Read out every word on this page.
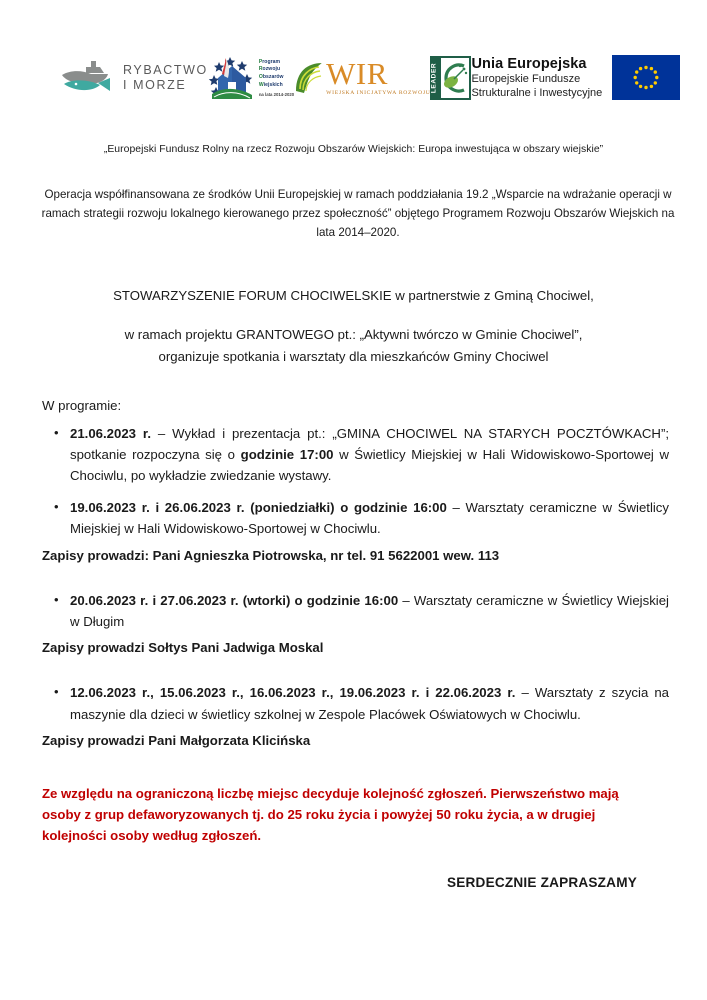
RYBACTWO
I MORZE
Program
Rozwoju
Obszarów
Wiejskich
na lata 2014-2020
WIR
WIEJSKA INICJATYWA ROZWOJU LEADER Unia Europejska
Europejskie Fundusze
Strukturalne i Inwestycyjne
„Europejski Fundusz Rolny na rzecz Rozwoju Obszarów Wiejskich: Europa inwestująca w obszary wiejskie”
Operacja współfinansowana ze środków Unii Europejskiej w ramach poddziałania 19.2 „Wsparcie na wdrażanie operacji w ramach strategii rozwoju lokalnego kierowanego przez społeczność” objętego Programem Rozwoju Obszarów Wiejskich na lata 2014–2020.
STOWARZYSZENIE FORUM CHOCIWELSKIE w partnerstwie z Gminą Chociwel,
w ramach projektu GRANTOWEGO pt.: „Aktywni twórczo w Gminie Chociwel”,
organizuje spotkania i warsztaty dla mieszkańców Gminy Chociwel
W programie:
• 21.06.2023 r. – Wykład i prezentacja pt.: „GMINA CHOCIWEL NA STARYCH POCZTÓWKACH”; spotkanie rozpoczyna się o godzinie 17:00 w Świetlicy Miejskiej w Hali Widowiskowo-Sportowej w Chociwlu, po wykładzie zwiedzanie wystawy.
• 19.06.2023 r. i 26.06.2023 r. (poniedziałki) o godzinie 16:00 – Warsztaty ceramiczne w Świetlicy Miejskiej w Hali Widowiskowo-Sportowej w Chociwlu.
Zapisy prowadzi: Pani Agnieszka Piotrowska, nr tel. 91 5622001 wew. 113
• 20.06.2023 r. i 27.06.2023 r. (wtorki) o godzinie 16:00 – Warsztaty ceramiczne w Świetlicy Wiejskiej w Długim
Zapisy prowadzi Sołtys Pani Jadwiga Moskal
• 12.06.2023 r., 15.06.2023 r., 16.06.2023 r., 19.06.2023 r. i 22.06.2023 r. – Warsztaty z szycia na maszynie dla dzieci w świetlicy szkolnej w Zespole Placówek Oświatowych w Chociwlu.
Zapisy prowadzi Pani Małgorzata Klicińska
Ze względu na ograniczoną liczbę miejsc decyduje kolejność zgłoszeń. Pierwszeństwo mają
osoby z grup defaworyzowanych tj. do 25 roku życia i powyżej 50 roku życia, a w drugiej
kolejności osoby według zgłoszeń.
SERDECZNIE ZAPRASZAMY
